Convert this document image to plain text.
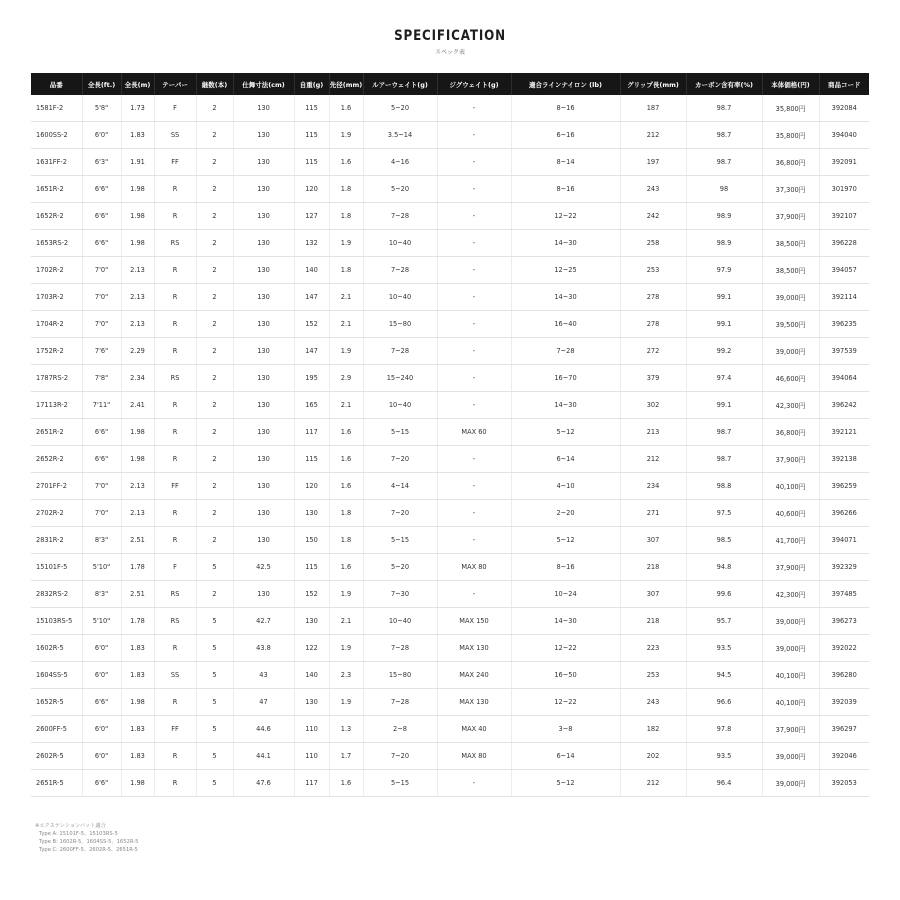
SPECIFICATION
スペック表
品番	全長(ft.)	全長(m)	テーパー	継数(本)	仕舞寸法(cm)	自重(g)	先径(mm)	ルアーウェイト(g)	ジグウェイト(g)	適合ラインナイロン (lb)	グリップ長(mm)	カーボン含有率(%)	本体価格(円)	商品コード
1581F-2	5'8"	1.73	F	2	130	115	1.6	5~20	-	8~16	187	98.7	35,800円	392084
1600SS-2	6'0"	1.83	SS	2	130	115	1.9	3.5~14	-	6~16	212	98.7	35,800円	394040
1631FF-2	6'3"	1.91	FF	2	130	115	1.6	4~16	-	8~14	197	98.7	36,800円	392091
1651R-2	6'6"	1.98	R	2	130	120	1.8	5~20	-	8~16	243	98	37,300円	301970
1652R-2	6'6"	1.98	R	2	130	127	1.8	7~28	-	12~22	242	98.9	37,900円	392107
1653RS-2	6'6"	1.98	RS	2	130	132	1.9	10~40	-	14~30	258	98.9	38,500円	396228
1702R-2	7'0"	2.13	R	2	130	140	1.8	7~28	-	12~25	253	97.9	38,500円	394057
1703R-2	7'0"	2.13	R	2	130	147	2.1	10~40	-	14~30	278	99.1	39,000円	392114
1704R-2	7'0"	2.13	R	2	130	152	2.1	15~80	-	16~40	278	99.1	39,500円	396235
1752R-2	7'6"	2.29	R	2	130	147	1.9	7~28	-	7~28	272	99.2	39,000円	397539
1787RS-2	7'8"	2.34	RS	2	130	195	2.9	15~240	-	16~70	379	97.4	46,600円	394064
17113R-2	7'11"	2.41	R	2	130	165	2.1	10~40	-	14~30	302	99.1	42,300円	396242
2651R-2	6'6"	1.98	R	2	130	117	1.6	5~15	MAX 60	5~12	213	98.7	36,800円	392121
2652R-2	6'6"	1.98	R	2	130	115	1.6	7~20	-	6~14	212	98.7	37,900円	392138
2701FF-2	7'0"	2.13	FF	2	130	120	1.6	4~14	-	4~10	234	98.8	40,100円	396259
2702R-2	7'0"	2.13	R	2	130	130	1.8	7~20	-	2~20	271	97.5	40,600円	396266
2831R-2	8'3"	2.51	R	2	130	150	1.8	5~15	-	5~12	307	98.5	41,700円	394071
15101F-5	5'10"	1.78	F	5	42.5	115	1.6	5~20	MAX 80	8~16	218	94.8	37,900円	392329
2832RS-2	8'3"	2.51	RS	2	130	152	1.9	7~30	-	10~24	307	99.6	42,300円	397485
15103RS-5	5'10"	1.78	RS	5	42.7	130	2.1	10~40	MAX 150	14~30	218	95.7	39,000円	396273
1602R-5	6'0"	1.83	R	5	43.8	122	1.9	7~28	MAX 130	12~22	223	93.5	39,000円	392022
1604SS-5	6'0"	1.83	SS	5	43	140	2.3	15~80	MAX 240	16~50	253	94.5	40,100円	396280
1652R-5	6'6"	1.98	R	5	47	130	1.9	7~28	MAX 130	12~22	243	96.6	40,100円	392039
2600FF-5	6'0"	1.83	FF	5	44.6	110	1.3	2~8	MAX 40	3~8	182	97.8	37,900円	396297
2602R-5	6'0"	1.83	R	5	44.1	110	1.7	7~20	MAX 80	6~14	202	93.5	39,000円	392046
2651R-5	6'6"	1.98	R	5	47.6	117	1.6	5~15	-	5~12	212	96.4	39,000円	392053
※エクステンションバット適合
Type A: 15101F-5、15103RS-5
Type B: 1602R-5、1604SS-5、1652R-5
Type C: 2600FF-5、2602R-5、2651R-5
